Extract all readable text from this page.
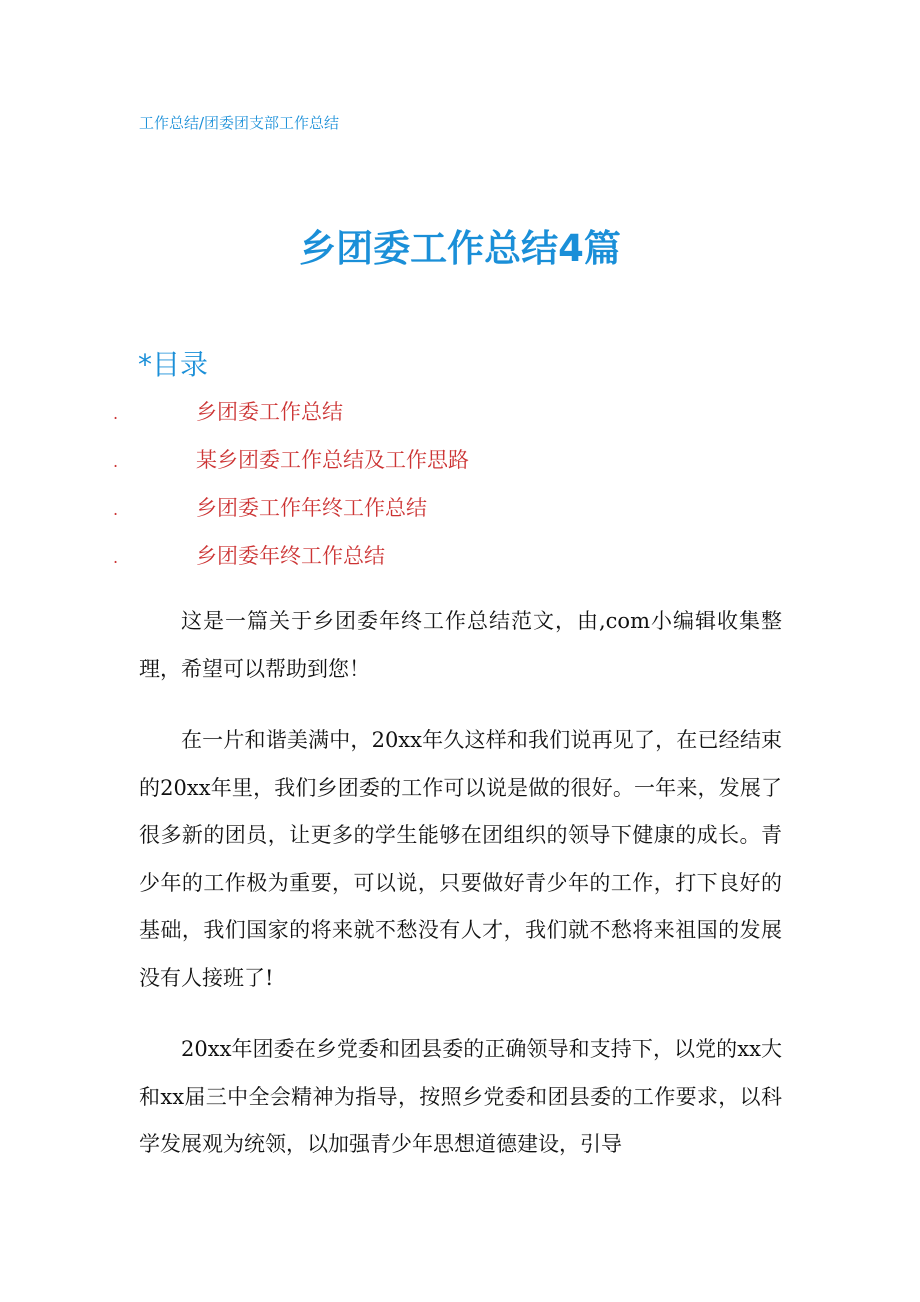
工作总结/团委团支部工作总结
乡团委工作总结4篇
*目录
.	乡团委工作总结
.	某乡团委工作总结及工作思路
.	乡团委工作年终工作总结
.	乡团委年终工作总结

这是一篇关于乡团委年终工作总结范文，由,com小编辑收集整理，希望可以帮助到您！

在一片和谐美满中，20xx年久这样和我们说再见了，在已经结束的20xx年里，我们乡团委的工作可以说是做的很好。一年来，发展了很多新的团员，让更多的学生能够在团组织的领导下健康的成长。青少年的工作极为重要，可以说，只要做好青少年的工作，打下良好的基础，我们国家的将来就不愁没有人才，我们就不愁将来祖国的发展没有人接班了!

20xx年团委在乡党委和团县委的正确领导和支持下，以党的xx大和xx届三中全会精神为指导，按照乡党委和团县委的工作要求，以科学发展观为统领，以加强青少年思想道德建设，引导
